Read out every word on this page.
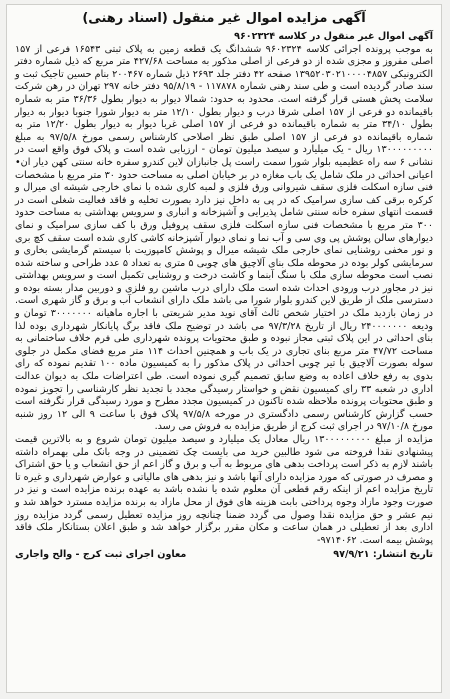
آگهی مزایده اموال غیر منقول (اسناد رهنی)

آگهی اموال غیر منقول در کلاسه ۹۶۰۲۳۲۴

به موجب پرونده اجرائی کلاسه ۹۶۰۲۳۲۴ ششدانگ یک قطعه زمین به پلاک ثبتی ۱۶۵۴۳ فرعی از ۱۵۷ اصلی مفروز و مجزی شده از دو فرعی از اصلی مذکور به مساحت ۴۲۷/۶۸ متر مربع که ذیل شماره دفتر الکترونیکی ۱۳۹۵۲۰۳۰۲۱۰۰۰۰۴۸۵۷ صفحه ۴۲ دفتر جلد ۲۶۹۳ ذیل شماره ۲۰۰۴۶۷ بنام حسین تاجیک ثبت و سند صادر گردیده است و طی سند رهنی شماره ۱۱۷۸۷۸ - ۹۵/۸/۱۹ دفتر خانه ۲۹۷ تهران در رهن شرکت سلامت پخش هستی قرار گرفته است. محدود به حدود: شمالا دیوار به دیوار بطول ۳۶/۳۶ متر به شماره باقیمانده دو فرعی از ۱۵۷ اصلی شرقا درب و دیوار بطول ۱۲/۱۰ متر به دیوار شورا جنوبا دیوار به دیوار بطول ۳۴/۱۰ متر به شماره باقیمانده دو فرعی از ۱۵۷ اصلی غربا دیوار به دیوار بطول ۱۲/۲۰ متر به شماره باقیمانده دو فرعی از ۱۵۷ اصلی طبق نظر اصلاحی کارشناس رسمی مورخ ۹۷/۵/۸ به مبلغ ۱۳۰۰۰۰۰۰۰۰۰ ریال - یک میلیارد و سیصد میلیون تومان - ارزیابی شده است و پلاک فوق واقع است در نشانی ۶ سه راه عظیمیه بلوار شورا سمت راست پل جانبازان لاین کندرو سفره خانه سنتی کهن دیار ان• اعیانی احداثی در ملک شامل یک باب مغازه در بر خیابان اصلی به مساحت حدود ۳۰ متر مربع با مشخصات فنی سازه اسکلت فلزی سقف شیروانی ورق فلزی و لمبه کاری شده با نمای خارجی شیشه ای میرال و کرکره برقی کف سازی سرامیک که در پی به داخل نیز دارد بصورت تخلیه و فاقد فعالیت شغلی است در قسمت انتهای سفره خانه سنتی شامل پذیرایی و آشپزخانه و انباری و سرویس بهداشتی به مساحت حدود ۳۰۰ متر مربع با مشخصات فنی سازه اسکلت فلزی سقف پروفیل ورق با کف سازی سرامیک و نمای دیوارهای سالن پوشش پی وی سی و آب نما و نمای دیوار آشپزخانه کاشی کاری شده است سقف کچ بری و نور مخفی روشنایی نمای خارجی ملک شیشه میرال و پوشش کامپوزیت با سیستم گرمایشی بخاری و سرمایشی کولر بوده در محوطه ملک بنای آلاچیق های چوبی ۵ متری به تعداد ۵ عدد طراحی و ساخته شده نصب است محوطه سازی ملک با سنگ آبنما و کاشت درخت و روشنایی تکمیل است و سرویس بهداشتی نیز در مجاور درب ورودی احداث شده است ملک دارای درب ماشین رو فلزی و دوربین مدار بسته بوده و دسترسی ملک از طریق لاین کندرو بلوار شورا می باشد ملک دارای انشعاب آب و برق و گاز شهری است. در زمان بازدید ملک در اختیار شخص ثالث آقای نوید مدیر شریعتی با اجاره ماهیانه ۳۰۰۰۰۰۰۰ تومان و ودیعه ۲۴۰۰۰۰۰۰۰ ریال از تاریخ ۹۷/۳/۲۸ می باشد در توضیح ملک فاقد برگ پایانکار شهرداری بوده لذا بنای احداثی در این پلاک ثبتی مجاز نبوده و طبق محتویات پرونده شهرداری طی فرم خلاف ساختمانی به مساحت ۴۷/۷۲ متر مربع بنای تجاری در یک باب و همچنین احداث ۱۱۴ متر مربع فضای مکمل در جلوی سوله بصورت آلاچیق با تیر چوبی احداثی در پلاک مذکور را به کمیسیون ماده ۱۰۰ تقدیم نموده که رای بدوی به رفع خلاف اعاده به وضع سابق تصمیم گیری نموده است. طی اعتراضات ملک به دیوان عدالت اداری در شعبه ۳۳ رای کمیسیون نقض و خواستار رسیدگی مجدد با تجدید نظر کارشناسی را تجویز نموده و طبق محتویات پرونده ملاحظه شده تاکنون در کمیسیون مجدد مطرح و مورد رسیدگی قرار نگرفته است حسب گزارش کارشناس رسمی دادگستری در مورخه ۹۷/۵/۸ پلاک فوق با ساعت ۹ الی ۱۲ روز شنبه مورخ ۹۷/۱۰/۸ در اجرای ثبت کرج از طریق مزایده به فروش می رسد.

مزایده از مبلغ ۱۳۰۰۰۰۰۰۰۰۰ ریال معادل یک میلیارد و سیصد میلیون تومان شروع و به بالاترین قیمت پیشنهادی نقدا فروخته می شود طالبین خرید می بایست چک تضمینی در وجه بانک ملی بهمراه داشته باشند لازم به ذکر است پرداخت بدهی های مربوط به آب و برق و گاز اعم از حق انشعاب و یا حق اشتراک و مصرف در صورتی که مورد مزایده دارای آنها باشد و نیز بدهی های مالیاتی و عوارض شهرداری و غیره تا تاریخ مزایده اعم از اینکه رقم قطعی آن معلوم شده یا نشده باشد به عهده برنده مزایده است و نیز در صورت وجود مازاد وجوه پرداختی بابت هزینه های فوق از محل مازاد به برنده مزایده مسترد خواهد شد و نیم عشر و حق مزایده نقدا وصول می گردد ضمنا چنانچه روز مزایده تعطیل رسمی گردد مزایده روز اداری بعد از تعطیلی در همان ساعت و مکان مقرر برگزار خواهد شد و طبق اعلان بستانکار ملک فاقد پوشش بیمه است. ۹۷۱۴۰۶۲-

تاریخ انتشار: ۹۷/۹/۲۱
معاون اجرای ثبت کرج - والح واجاری
